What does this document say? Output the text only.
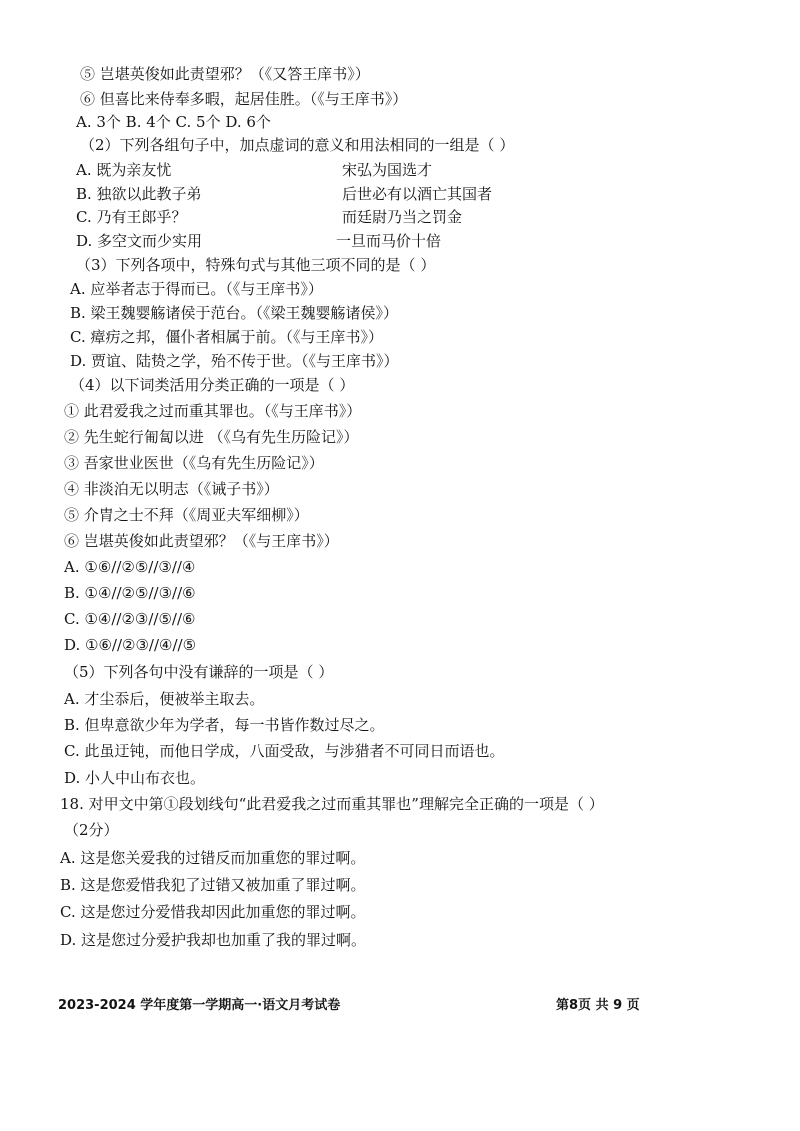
⑤ 岂堪英俊如此责望邪？（《又答王庠书》）
⑥ 但喜比来侍奉多暇，起居佳胜。（《与王庠书》）
A. 3个 B. 4个 C. 5个 D. 6个
（2）下列各组句子中，加点虚词的意义和用法相同的一组是（ ）
A. 既为亲友忧	宋弘为国选才
B. 独欲以此教子弟	后世必有以酒亡其国者
C. 乃有王郎乎？	而廷尉乃当之罚金
D. 多空文而少实用	一旦而马价十倍
（3）下列各项中，特殊句式与其他三项不同的是（ ）
A. 应举者志于得而已。（《与王庠书》）
B. 梁王魏婴觞诸侯于范台。（《梁王魏婴觞诸侯》）
C. 瘴疠之邦，僵仆者相属于前。（《与王庠书》）
D. 贾谊、陆贽之学，殆不传于世。（《与王庠书》）
（4）以下词类活用分类正确的一项是（ ）
① 此君爱我之过而重其罪也。（《与王庠书》）
② 先生蛇行匍匐以进 （《乌有先生历险记》）
③ 吾家世业医世（《乌有先生历险记》）
④ 非淡泊无以明志（《诫子书》）
⑤ 介胄之士不拜（《周亚夫军细柳》）
⑥ 岂堪英俊如此责望邪？（《与王庠书》）
A. ①⑥//②⑤//③//④
B. ①④//②⑤//③//⑥
C. ①④//②③//⑤//⑥
D. ①⑥//②③//④//⑤
（5）下列各句中没有谦辞的一项是（ ）
A. 才尘忝后，便被举主取去。
B. 但卑意欲少年为学者，每一书皆作数过尽之。
C. 此虽迂钝，而他日学成，八面受敌，与涉猎者不可同日而语也。
D. 小人中山布衣也。
18. 对甲文中第①段划线句“此君爱我之过而重其罪也”理解完全正确的一项是（ ）
（2分）
A. 这是您关爱我的过错反而加重您的罪过啊。
B. 这是您爱惜我犯了过错又被加重了罪过啊。
C. 这是您过分爱惜我却因此加重您的罪过啊。
D. 这是您过分爱护我却也加重了我的罪过啊。
2023-2024 学年度第一学期高一·语文月考试卷	第8页 共 9 页
